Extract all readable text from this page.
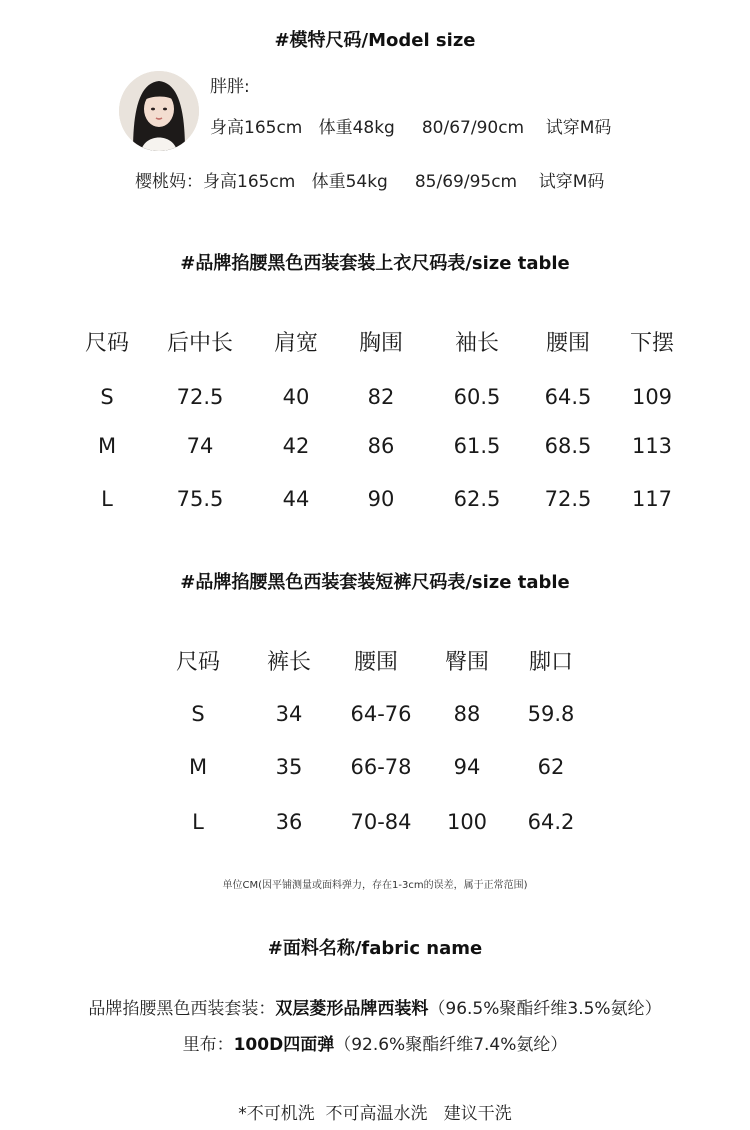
#模特尺码/Model size
胖胖:
身高165cm   体重48kg     80/67/90cm    试穿M码
樱桃妈：身高165cm   体重54kg     85/69/95cm    试穿M码
#品牌掐腰黑色西装套装上衣尺码表/size table
尺码	后中长	肩宽	胸围	袖长	腰围	下摆
S	72.5	40	82	60.5	64.5	109
M	74	42	86	61.5	68.5	113
L	75.5	44	90	62.5	72.5	117
#品牌掐腰黑色西装套装短裤尺码表/size table
尺码	裤长	腰围	臀围	脚口
S	34	64-76	88	59.8
M	35	66-78	94	62
L	36	70-84	100	64.2
单位CM(因平铺测量或面料弹力，存在1-3cm的误差，属于正常范围)
#面料名称/fabric name
品牌掐腰黑色西装套装：双层菱形品牌西装料（96.5%聚酯纤维3.5%氨纶）
里布：100D四面弹（92.6%聚酯纤维7.4%氨纶）
*不可机洗  不可高温水洗   建议干洗
